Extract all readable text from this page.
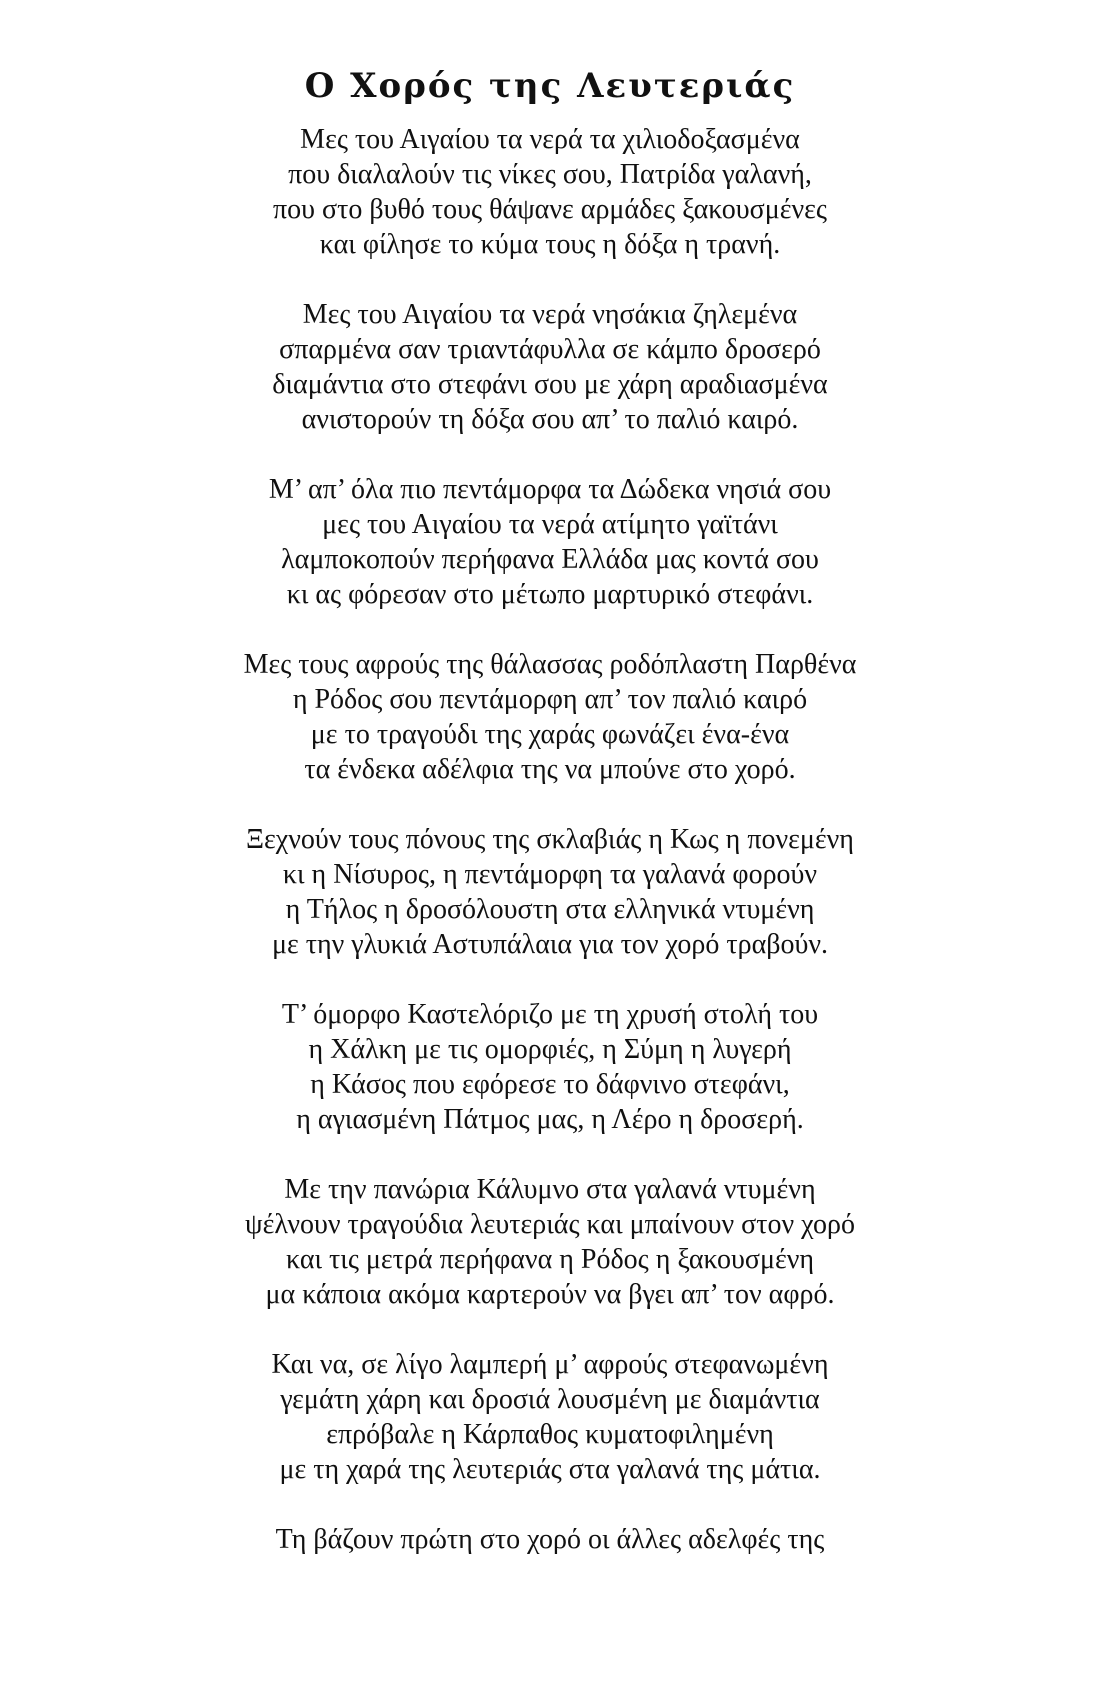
Ο Χορός της Λευτεριάς
Μες του Αιγαίου τα νερά τα χιλιοδοξασμένα
που διαλαλούν τις νίκες σου, Πατρίδα γαλανή,
που στο βυθό τους θάψανε αρμάδες ξακουσμένες
και φίλησε το κύμα τους η δόξα η τρανή.
Μες του Αιγαίου τα νερά νησάκια ζηλεμένα
σπαρμένα σαν τριαντάφυλλα σε κάμπο δροσερό
διαμάντια στο στεφάνι σου με χάρη αραδιασμένα
ανιστορούν τη δόξα σου απ’ το παλιό καιρό.
Μ’ απ’ όλα πιο πεντάμορφα τα Δώδεκα νησιά σου
μες του Αιγαίου τα νερά ατίμητο γαϊτάνι
λαμποκοπούν περήφανα Ελλάδα μας κοντά σου
κι ας φόρεσαν στο μέτωπο μαρτυρικό στεφάνι.
Μες τους αφρούς της θάλασσας ροδόπλαστη Παρθένα
η Ρόδος σου πεντάμορφη απ’ τον παλιό καιρό
με το τραγούδι της χαράς φωνάζει ένα-ένα
τα ένδεκα αδέλφια της να μπούνε στο χορό.
Ξεχνούν τους πόνους της σκλαβιάς η Κως η πονεμένη
κι η Νίσυρος, η πεντάμορφη τα γαλανά φορούν
η Τήλος η δροσόλουστη στα ελληνικά ντυμένη
με την γλυκιά Αστυπάλαια για τον χορό τραβούν.
Τ’ όμορφο Καστελόριζο με τη χρυσή στολή του
η Χάλκη με τις ομορφιές, η Σύμη η λυγερή
η Κάσος που εφόρεσε το δάφνινο στεφάνι,
η αγιασμένη Πάτμος μας, η Λέρο η δροσερή.
Με την πανώρια Κάλυμνο στα γαλανά ντυμένη
ψέλνουν τραγούδια λευτεριάς και μπαίνουν στον χορό
και τις μετρά περήφανα η Ρόδος η ξακουσμένη
μα κάποια ακόμα καρτερούν να βγει απ’ τον αφρό.
Και να, σε λίγο λαμπερή μ’ αφρούς στεφανωμένη
γεμάτη χάρη και δροσιά λουσμένη με διαμάντια
επρόβαλε η Κάρπαθος κυματοφιλημένη
με τη χαρά της λευτεριάς στα γαλανά της μάτια.
Τη βάζουν πρώτη στο χορό οι άλλες αδελφές της
